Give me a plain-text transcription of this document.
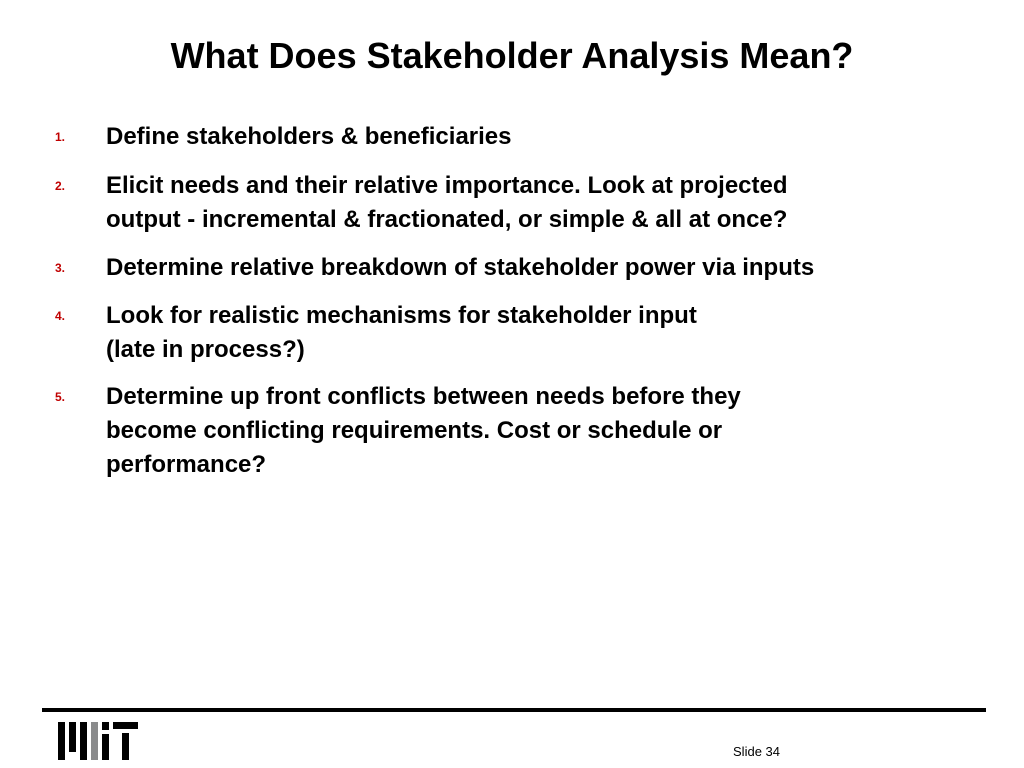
What Does Stakeholder Analysis Mean?
1. Define stakeholders & beneficiaries
2. Elicit needs and their relative importance. Look at projected
output - incremental & fractionated, or simple & all at once?
3. Determine relative breakdown of stakeholder power via inputs
4. Look for realistic mechanisms for stakeholder input
(late in process?)
5. Determine up front conflicts between needs before they
become conflicting requirements. Cost or schedule or
performance?
Slide 34
